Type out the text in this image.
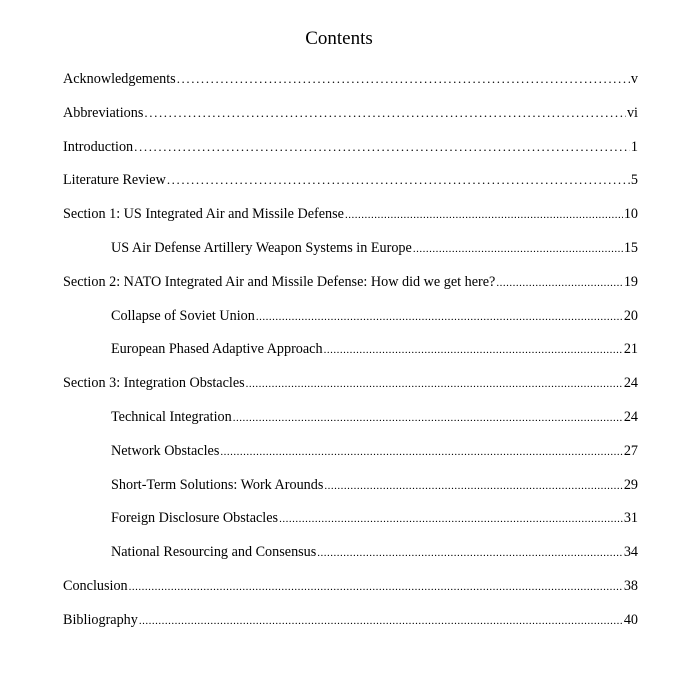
Contents
Acknowledgements .....	v
Abbreviations .....	vi
Introduction .....	1
Literature Review .....	5
Section 1: US Integrated Air and Missile Defense .....	10
US Air Defense Artillery Weapon Systems in Europe .....	15
Section 2: NATO Integrated Air and Missile Defense: How did we get here? .....	19
Collapse of Soviet Union .....	20
European Phased Adaptive Approach .....	21
Section 3: Integration Obstacles .....	24
Technical Integration .....	24
Network Obstacles .....	27
Short-Term Solutions: Work Arounds .....	29
Foreign Disclosure Obstacles .....	31
National Resourcing and Consensus .....	34
Conclusion .....	38
Bibliography .....	40
